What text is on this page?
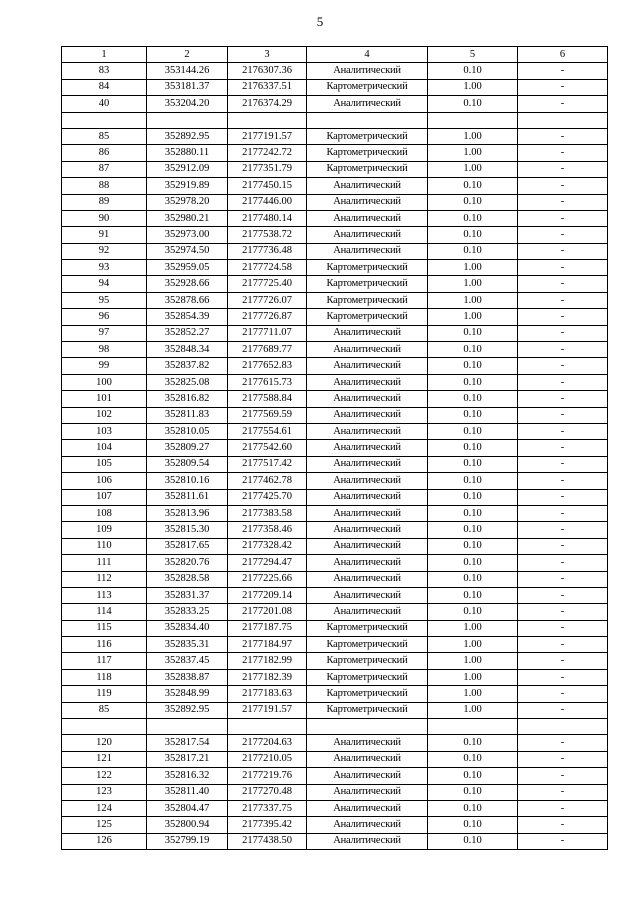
5
1	2	3	4	5	6
83	353144.26	2176307.36	Аналитический	0.10	-
84	353181.37	2176337.51	Картометрический	1.00	-
40	353204.20	2176374.29	Аналитический	0.10	-

85	352892.95	2177191.57	Картометрический	1.00	-
86	352880.11	2177242.72	Картометрический	1.00	-
87	352912.09	2177351.79	Картометрический	1.00	-
88	352919.89	2177450.15	Аналитический	0.10	-
89	352978.20	2177446.00	Аналитический	0.10	-
90	352980.21	2177480.14	Аналитический	0.10	-
91	352973.00	2177538.72	Аналитический	0.10	-
92	352974.50	2177736.48	Аналитический	0.10	-
93	352959.05	2177724.58	Картометрический	1.00	-
94	352928.66	2177725.40	Картометрический	1.00	-
95	352878.66	2177726.07	Картометрический	1.00	-
96	352854.39	2177726.87	Картометрический	1.00	-
97	352852.27	2177711.07	Аналитический	0.10	-
98	352848.34	2177689.77	Аналитический	0.10	-
99	352837.82	2177652.83	Аналитический	0.10	-
100	352825.08	2177615.73	Аналитический	0.10	-
101	352816.82	2177588.84	Аналитический	0.10	-
102	352811.83	2177569.59	Аналитический	0.10	-
103	352810.05	2177554.61	Аналитический	0.10	-
104	352809.27	2177542.60	Аналитический	0.10	-
105	352809.54	2177517.42	Аналитический	0.10	-
106	352810.16	2177462.78	Аналитический	0.10	-
107	352811.61	2177425.70	Аналитический	0.10	-
108	352813.96	2177383.58	Аналитический	0.10	-
109	352815.30	2177358.46	Аналитический	0.10	-
110	352817.65	2177328.42	Аналитический	0.10	-
111	352820.76	2177294.47	Аналитический	0.10	-
112	352828.58	2177225.66	Аналитический	0.10	-
113	352831.37	2177209.14	Аналитический	0.10	-
114	352833.25	2177201.08	Аналитический	0.10	-
115	352834.40	2177187.75	Картометрический	1.00	-
116	352835.31	2177184.97	Картометрический	1.00	-
117	352837.45	2177182.99	Картометрический	1.00	-
118	352838.87	2177182.39	Картометрический	1.00	-
119	352848.99	2177183.63	Картометрический	1.00	-
85	352892.95	2177191.57	Картометрический	1.00	-

120	352817.54	2177204.63	Аналитический	0.10	-
121	352817.21	2177210.05	Аналитический	0.10	-
122	352816.32	2177219.76	Аналитический	0.10	-
123	352811.40	2177270.48	Аналитический	0.10	-
124	352804.47	2177337.75	Аналитический	0.10	-
125	352800.94	2177395.42	Аналитический	0.10	-
126	352799.19	2177438.50	Аналитический	0.10	-
